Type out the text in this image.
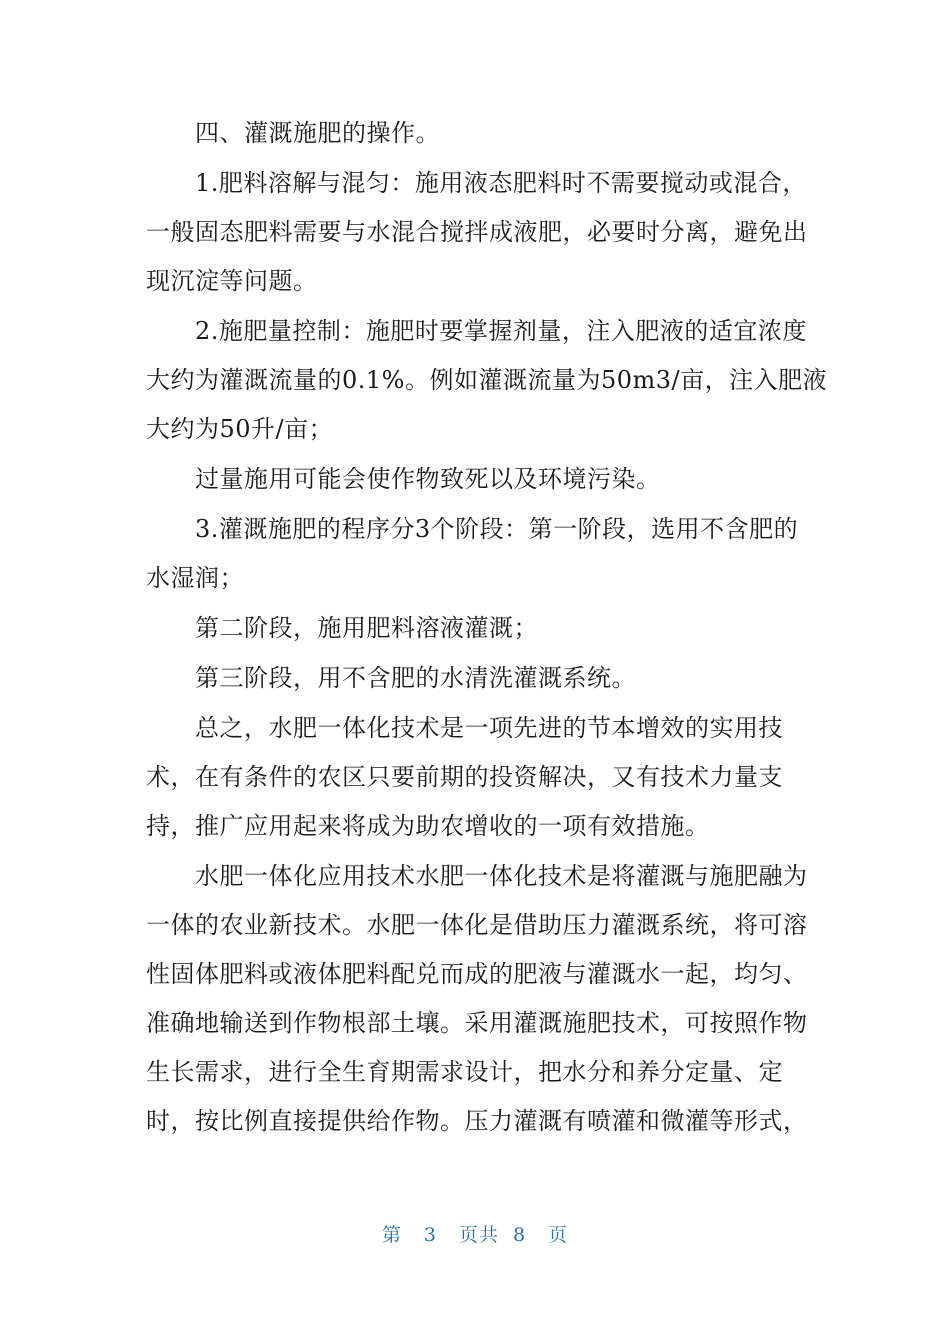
　　四、灌溉施肥的操作。
　　1.肥料溶解与混匀：施用液态肥料时不需要搅动或混合，
一般固态肥料需要与水混合搅拌成液肥，必要时分离，避免出
现沉淀等问题。
　　2.施肥量控制：施肥时要掌握剂量，注入肥液的适宜浓度
大约为灌溉流量的0.1%。例如灌溉流量为50m3/亩，注入肥液
大约为50升/亩；
　　过量施用可能会使作物致死以及环境污染。
　　3.灌溉施肥的程序分3个阶段：第一阶段，选用不含肥的
水湿润；
　　第二阶段，施用肥料溶液灌溉；
　　第三阶段，用不含肥的水清洗灌溉系统。
　　总之，水肥一体化技术是一项先进的节本增效的实用技
术，在有条件的农区只要前期的投资解决，又有技术力量支
持，推广应用起来将成为助农增收的一项有效措施。
　　水肥一体化应用技术水肥一体化技术是将灌溉与施肥融为
一体的农业新技术。水肥一体化是借助压力灌溉系统，将可溶
性固体肥料或液体肥料配兑而成的肥液与灌溉水一起，均匀、
准确地输送到作物根部土壤。采用灌溉施肥技术，可按照作物
生长需求，进行全生育期需求设计，把水分和养分定量、定
时，按比例直接提供给作物。压力灌溉有喷灌和微灌等形式，
第 3 页共 8 页
